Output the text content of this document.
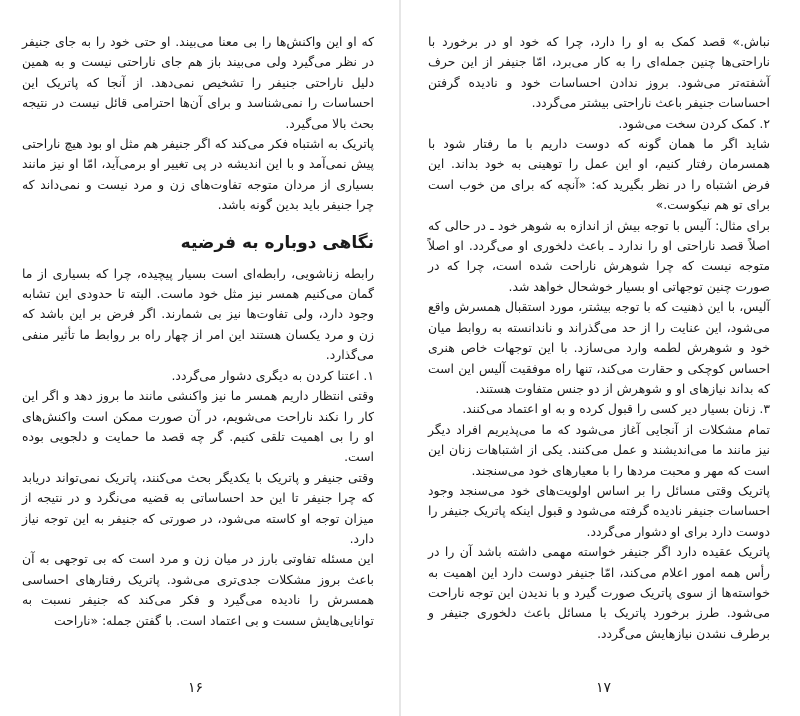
که او این واکنش‌ها را بی معنا می‌بیند. او حتی خود را به جای جنیفر در نظر می‌گیرد ولی می‌بیند باز هم جای ناراحتی نیست و به همین دلیل ناراحتی جنیفر را تشخیص نمی‌دهد. از آنجا که پاتریک این احساسات را نمی‌شناسد و برای آن‌ها احترامی قائل نیست در نتیجه بحث بالا می‌گیرد.

پاتریک به اشتباه فکر می‌کند که اگر جنیفر هم مثل او بود هیچ ناراحتی پیش نمی‌آمد و با این اندیشه در پی تغییر او برمی‌آید، امّا او نیز مانند بسیاری از مردان متوجه تفاوت‌های زن و مرد نیست و نمی‌داند که چرا جنیفر باید بدین گونه باشد.

نگاهی دوباره به فرضیه

رابطه زناشویی، رابطه‌ای است بسیار پیچیده، چرا که بسیاری از ما گمان می‌کنیم همسر نیز مثل خود ماست. البته تا حدودی این تشابه وجود دارد، ولی تفاوت‌ها نیز بی شمارند. اگر فرض بر این باشد که زن و مرد یکسان هستند این امر از چهار راه بر روابط ما تأثیر منفی می‌گذارد.

۱. اعتنا کردن به دیگری دشوار می‌گردد.

وقتی انتظار داریم همسر ما نیز واکنشی مانند ما بروز دهد و اگر این کار را نکند ناراحت می‌شویم، در آن صورت ممکن است واکنش‌های او را بی اهمیت تلقی کنیم. گر چه قصد ما حمایت و دلجویی بوده است.

وقتی جنیفر و پاتریک با یکدیگر بحث می‌کنند، پاتریک نمی‌تواند دریابد که چرا جنیفر تا این حد احساساتی به قضیه می‌نگرد و در نتیجه از میزان توجه او کاسته می‌شود، در صورتی که جنیفر به این توجه نیاز دارد.

این مسئله تفاوتی بارز در میان زن و مرد است که بی توجهی به آن باعث بروز مشکلات جدی‌تری می‌شود. پاتریک رفتارهای احساسی همسرش را نادیده می‌گیرد و فکر می‌کند که جنیفر نسبت به توانایی‌هایش سست و بی اعتماد است. با گفتن جمله: «ناراحت

۱۶

نباش.» قصد کمک به او را دارد، چرا که خود او در برخورد با ناراحتی‌ها چنین جمله‌ای را به کار می‌برد، امّا جنیفر از این حرف آشفته‌تر می‌شود. بروز ندادن احساسات خود و نادیده گرفتن احساسات جنیفر باعث ناراحتی بیشتر می‌گردد.

۲. کمک کردن سخت می‌شود.

شاید اگر ما همان گونه که دوست داریم با ما رفتار شود با همسرمان رفتار کنیم، او این عمل را توهینی به خود بداند. این فرض اشتباه را در نظر بگیرید که: «آنچه که برای من خوب است برای تو هم نیکوست.»

برای مثال: آلیس با توجه بیش از اندازه به شوهر خود ـ در حالی که اصلاً قصد ناراحتی او را ندارد ـ باعث دلخوری او می‌گردد. او اصلاً متوجه نیست که چرا شوهرش ناراحت شده است، چرا که در صورت چنین توجهاتی او بسیار خوشحال خواهد شد.

آلیس، با این ذهنیت که با توجه بیشتر، مورد استقبال همسرش واقع می‌شود، این عنایت را از حد می‌گذراند و ناندانسته به روابط میان خود و شوهرش لطمه وارد می‌سازد. با این توجهات خاص هنری احساس کوچکی و حقارت می‌کند، تنها راه موفقیت آلیس این است که بداند نیازهای او و شوهرش از دو جنس متفاوت هستند.

۳. زنان بسیار دیر کسی را قبول کرده و به او اعتماد می‌کنند.

تمام مشکلات از آنجایی آغاز می‌شود که ما می‌پذیریم افراد دیگر نیز مانند ما می‌اندیشند و عمل می‌کنند. یکی از اشتباهات زنان این است که مهر و محبت مردها را با معیارهای خود می‌سنجند.

پاتریک وقتی مسائل را بر اساس اولویت‌های خود می‌سنجد وجود احساسات جنیفر نادیده گرفته می‌شود و قبول اینکه پاتریک جنیفر را دوست دارد برای او دشوار می‌گردد.

پاتریک عقیده دارد اگر جنیفر خواسته مهمی داشته باشد آن را در رأس همه امور اعلام می‌کند، امّا جنیفر دوست دارد این اهمیت به خواسته‌ها از سوی پاتریک صورت گیرد و با ندیدن این توجه ناراحت می‌شود. طرز برخورد پاتریک با مسائل باعث دلخوری جنیفر و برطرف نشدن نیازهایش می‌گردد.

۱۷
